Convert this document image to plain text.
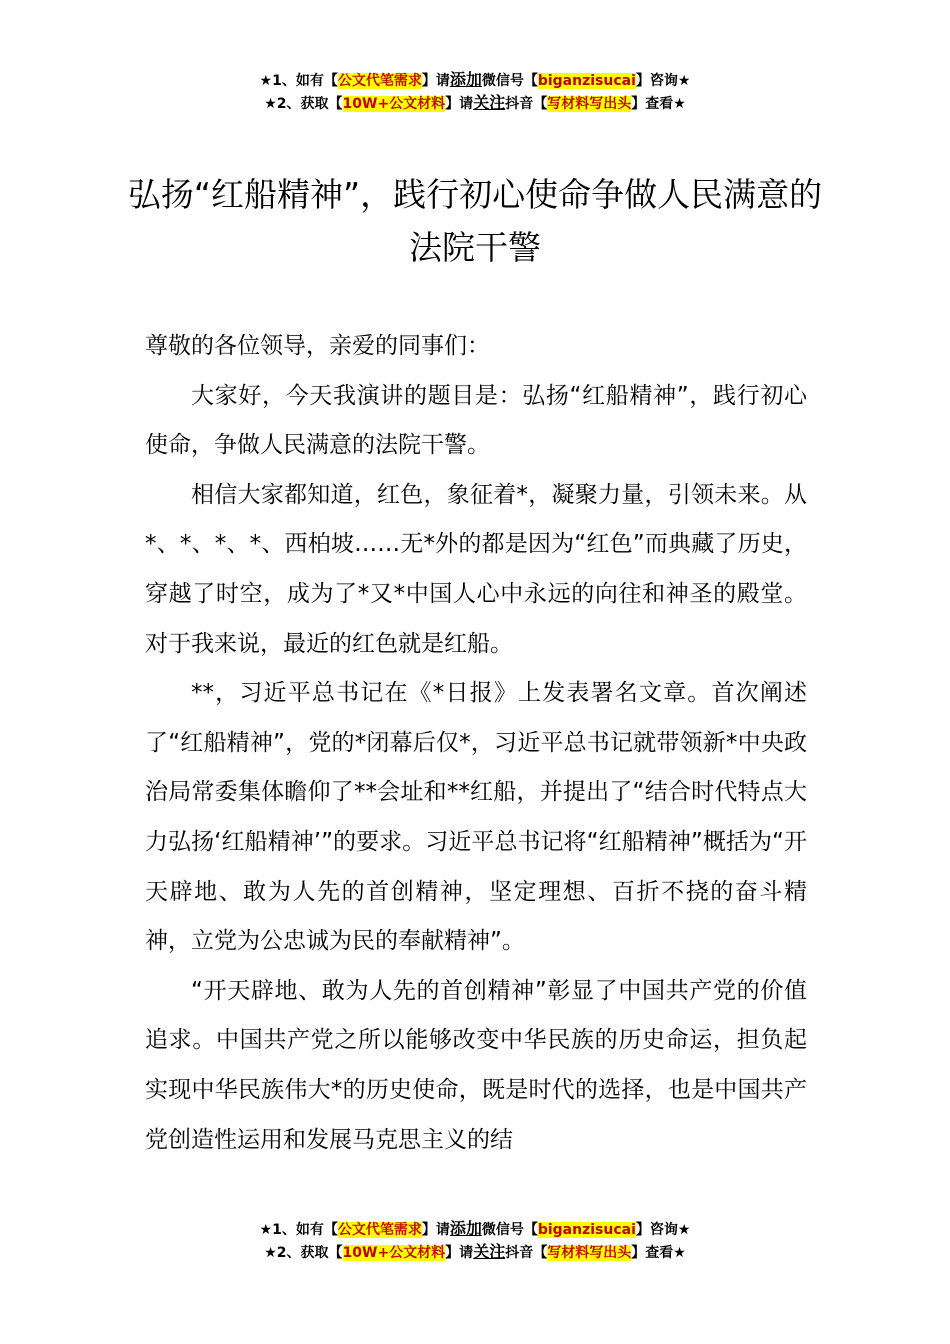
★1、如有【公文代笔需求】请添加微信号【biganzisucai】咨询★
★2、获取【10W+公文材料】请关注抖音【写材料写出头】查看★
弘扬“红船精神”，践行初心使命争做人民满意的法院干警

尊敬的各位领导，亲爱的同事们：

大家好，今天我演讲的题目是：弘扬“红船精神”，践行初心使命，争做人民满意的法院干警。

相信大家都知道，红色，象征着*，凝聚力量，引领未来。从*、*、*、*、西柏坡……无*外的都是因为“红色”而典藏了历史，穿越了时空，成为了*又*中国人心中永远的向往和神圣的殿堂。对于我来说，最近的红色就是红船。

**，习近平总书记在《*日报》上发表署名文章。首次阐述了“红船精神”，党的*闭幕后仅*，习近平总书记就带领新*中央政治局常委集体瞻仰了**会址和**红船，并提出了“结合时代特点大力弘扬‘红船精神’”的要求。习近平总书记将“红船精神”概括为“开天辟地、敢为人先的首创精神，坚定理想、百折不挠的奋斗精神，立党为公忠诚为民的奉献精神”。

“开天辟地、敢为人先的首创精神”彰显了中国共产党的价值追求。中国共产党之所以能够改变中华民族的历史命运，担负起实现中华民族伟大*的历史使命，既是时代的选择，也是中国共产党创造性运用和发展马克思主义的结

★1、如有【公文代笔需求】请添加微信号【biganzisucai】咨询★
★2、获取【10W+公文材料】请关注抖音【写材料写出头】查看★
